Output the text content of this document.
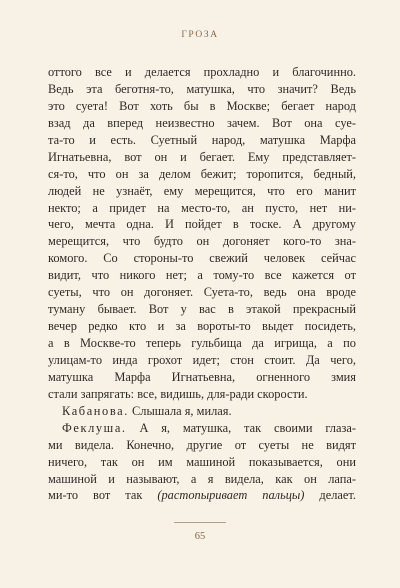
ГРОЗА
оттого все и делается прохладно и благочинно.
Ведь эта беготня-то, матушка, что значит? Ведь
это суета! Вот хоть бы в Москве; бегает народ
взад да вперед неизвестно зачем. Вот она суе-
та-то и есть. Суетный народ, матушка Марфа
Игнатьевна, вот он и бегает. Ему представляет-
ся-то, что он за делом бежит; торопится, бедный,
людей не узнаёт, ему мерещится, что его манит
некто; а придет на место-то, ан пусто, нет ни-
чего, мечта одна. И пойдет в тоске. А другому
мерещится, что будто он догоняет кого-то зна-
комого. Со стороны-то свежий человек сейчас
видит, что никого нет; а тому-то все кажется от
суеты, что он догоняет. Суета-то, ведь она вроде
туману бывает. Вот у вас в этакой прекрасный
вечер редко кто и за вороты-то выдет посидеть,
а в Москве-то теперь гульбища да игрища, а по
улицам-то инда грохот идет; стон стоит. Да чего,
матушка Марфа Игнатьевна, огненного змия
стали запрягать: все, видишь, для-ради скорости.
Кабанова. Слышала я, милая.
Феклуша. А я, матушка, так своими глаза-
ми видела. Конечно, другие от суеты не видят
ничего, так он им машиной показывается, они
машиной и называют, а я видела, как он лапа-
ми-то вот так (растопыривает пальцы) делает.
65
